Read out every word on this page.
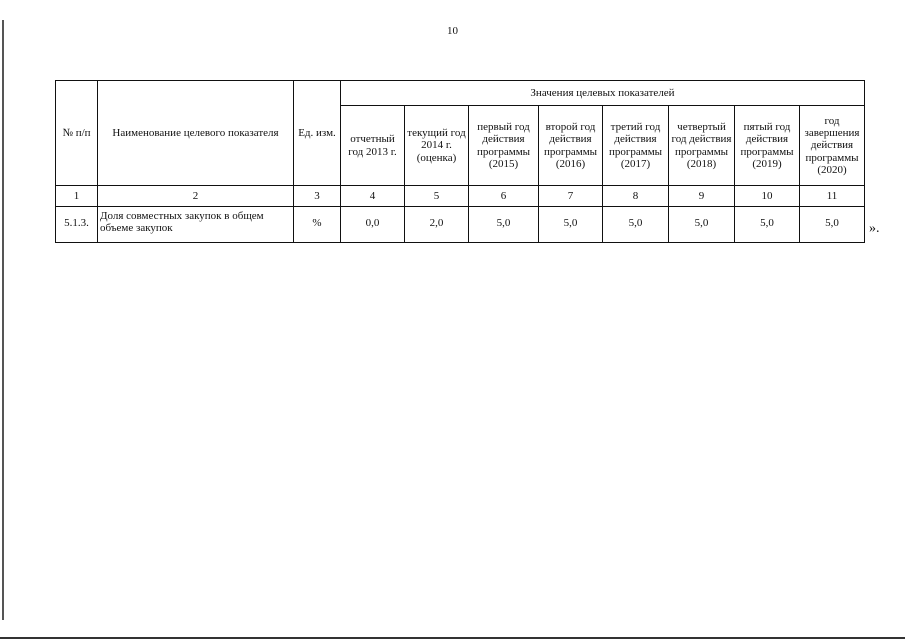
10
№ п/п	Наименование целевого показателя	Ед. изм.	Значения целевых показателей							
			отчетный год 2013 г.	текущий год 2014 г. (оценка)	первый год действия программы (2015)	второй год действия программы (2016)	третий год действия программы (2017)	четвертый год действия программы (2018)	пятый год действия программы (2019)	год завершения действия программы (2020)
1	2	3	4	5	6	7	8	9	10	11
5.1.3.	Доля совместных закупок в общем объеме закупок	%	0,0	2,0	5,0	5,0	5,0	5,0	5,0	5,0 ».
